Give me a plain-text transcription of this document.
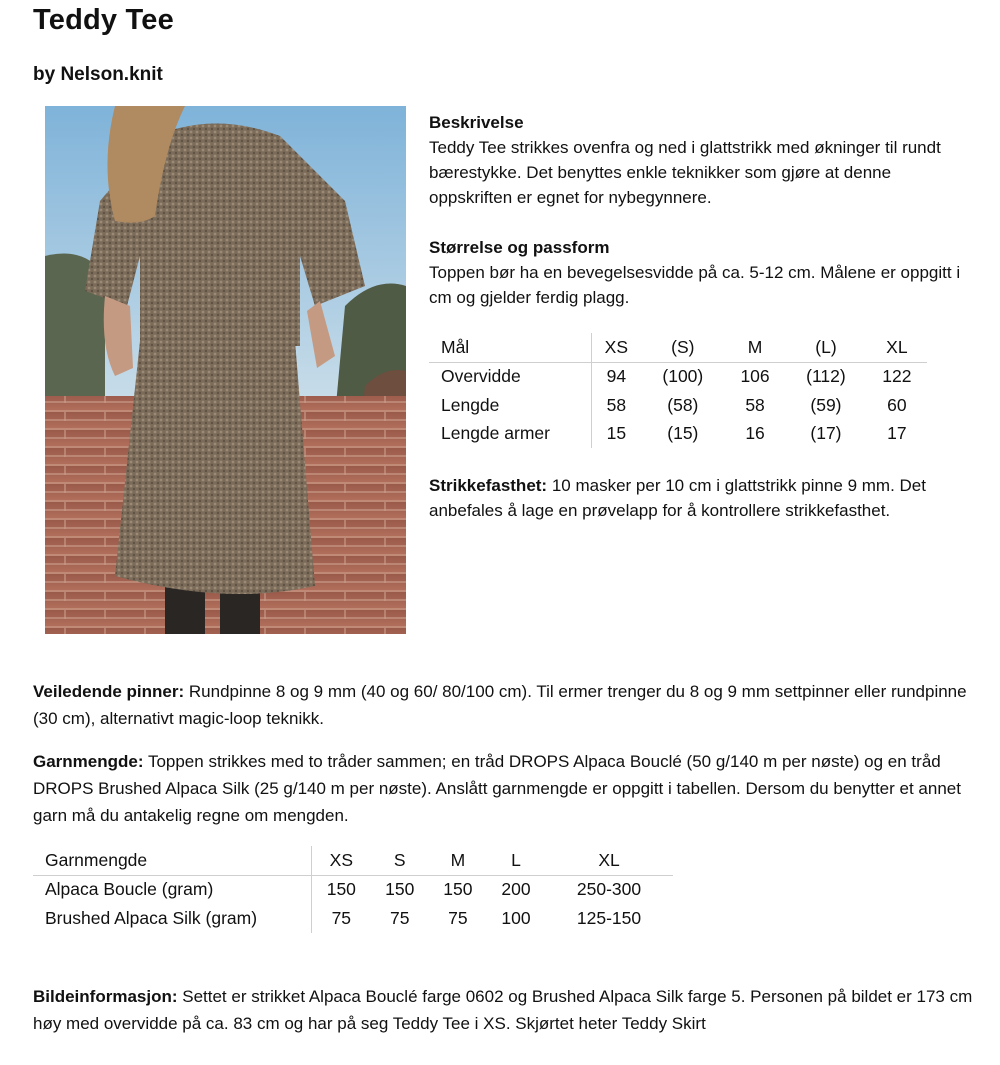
Teddy Tee
by Nelson.knit
Beskrivelse

Teddy Tee strikkes ovenfra og ned i glattstrikk med økninger til rundt bærestykke. Det benyttes enkle teknikker som gjøre at denne oppskriften er egnet for nybegynnere.

Størrelse og passform

Toppen bør ha en bevegelsesvidde på ca. 5-12 cm. Målene er oppgitt i cm og gjelder ferdig plagg.

Mål	XS	(S)	M	(L)	XL
Overvidde	94	(100)	106	(112)	122
Lengde	58	(58)	58	(59)	60
Lengde armer	15	(15)	16	(17)	17

Strikkefasthet: 10 masker per 10 cm i glattstrikk pinne 9 mm. Det anbefales å lage en prøvelapp for å kontrollere strikkefasthet.

Veiledende pinner: Rundpinne 8 og 9 mm (40 og 60/ 80/100 cm). Til ermer trenger du 8 og 9 mm settpinner eller rundpinne (30 cm), alternativt magic-loop teknikk.
Garnmengde: Toppen strikkes med to tråder sammen; en tråd DROPS Alpaca Bouclé (50 g/140 m per nøste) og en tråd DROPS Brushed Alpaca Silk (25 g/140 m per nøste). Anslått garnmengde er oppgitt i tabellen. Dersom du benytter et annet garn må du antakelig regne om mengden.
Garnmengde	XS	S	M	L	XL
Alpaca Boucle (gram)	150	150	150	200	250-300
Brushed Alpaca Silk (gram)	75	75	75	100	125-150
Bildeinformasjon: Settet er strikket Alpaca Bouclé farge 0602 og Brushed Alpaca Silk farge 5. Personen på bildet er 173 cm høy med overvidde på ca. 83 cm og har på seg Teddy Tee i XS. Skjørtet heter Teddy Skirt
